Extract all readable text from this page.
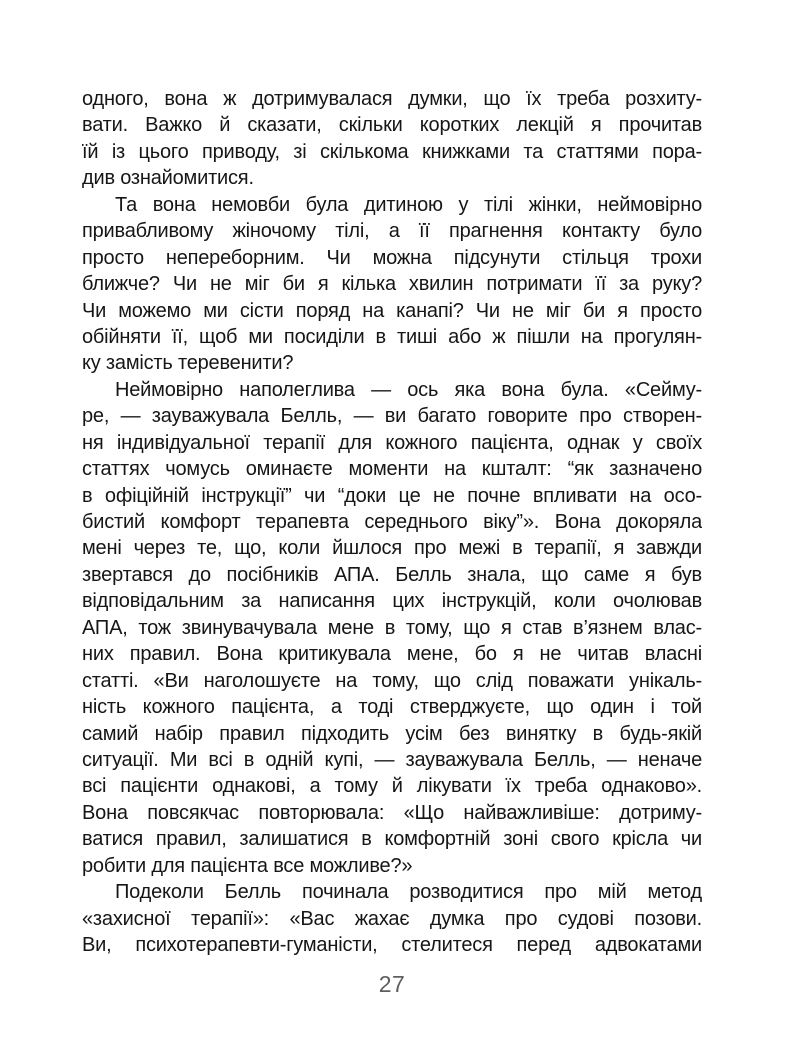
одного, вона ж дотримувалася думки, що їх треба розхиту-
вати. Важко й сказати, скільки коротких лекцій я прочитав
їй із цього приводу, зі скількома книжками та статтями пора-
див ознайомитися.
Та вона немовби була дитиною у тілі жінки, неймовірно
привабливому жіночому тілі, а її прагнення контакту було
просто непереборним. Чи можна підсунути стільця трохи
ближче? Чи не міг би я кілька хвилин потримати її за руку?
Чи можемо ми сісти поряд на канапі? Чи не міг би я просто
обійняти її, щоб ми посиділи в тиші або ж пішли на прогулян-
ку замість теревенити?
Неймовірно наполеглива — ось яка вона була. «Сейму-
ре, — зауважувала Белль, — ви багато говорите про створен-
ня індивідуальної терапії для кожного пацієнта, однак у своїх
статтях чомусь оминаєте моменти на кшталт: “як зазначено
в офіційній інструкції” чи “доки це не почне впливати на осо-
бистий комфорт терапевта середнього віку”». Вона докоряла
мені через те, що, коли йшлося про межі в терапії, я завжди
звертався до посібників АПА. Белль знала, що саме я був
відповідальним за написання цих інструкцій, коли очолював
АПА, тож звинувачувала мене в тому, що я став в’язнем влас-
них правил. Вона критикувала мене, бо я не читав власні
статті. «Ви наголошуєте на тому, що слід поважати унікаль-
ність кожного пацієнта, а тоді стверджуєте, що один і той
самий набір правил підходить усім без винятку в будь-якій
ситуації. Ми всі в одній купі, — зауважувала Белль, — неначе
всі пацієнти однакові, а тому й лікувати їх треба однаково».
Вона повсякчас повторювала: «Що найважливіше: дотриму-
ватися правил, залишатися в комфортній зоні свого крісла чи
робити для пацієнта все можливе?»
Подеколи Белль починала розводитися про мій метод
«захисної терапії»: «Вас жахає думка про судові позови.
Ви, психотерапевти-гуманісти, стелитеся перед адвокатами
27
